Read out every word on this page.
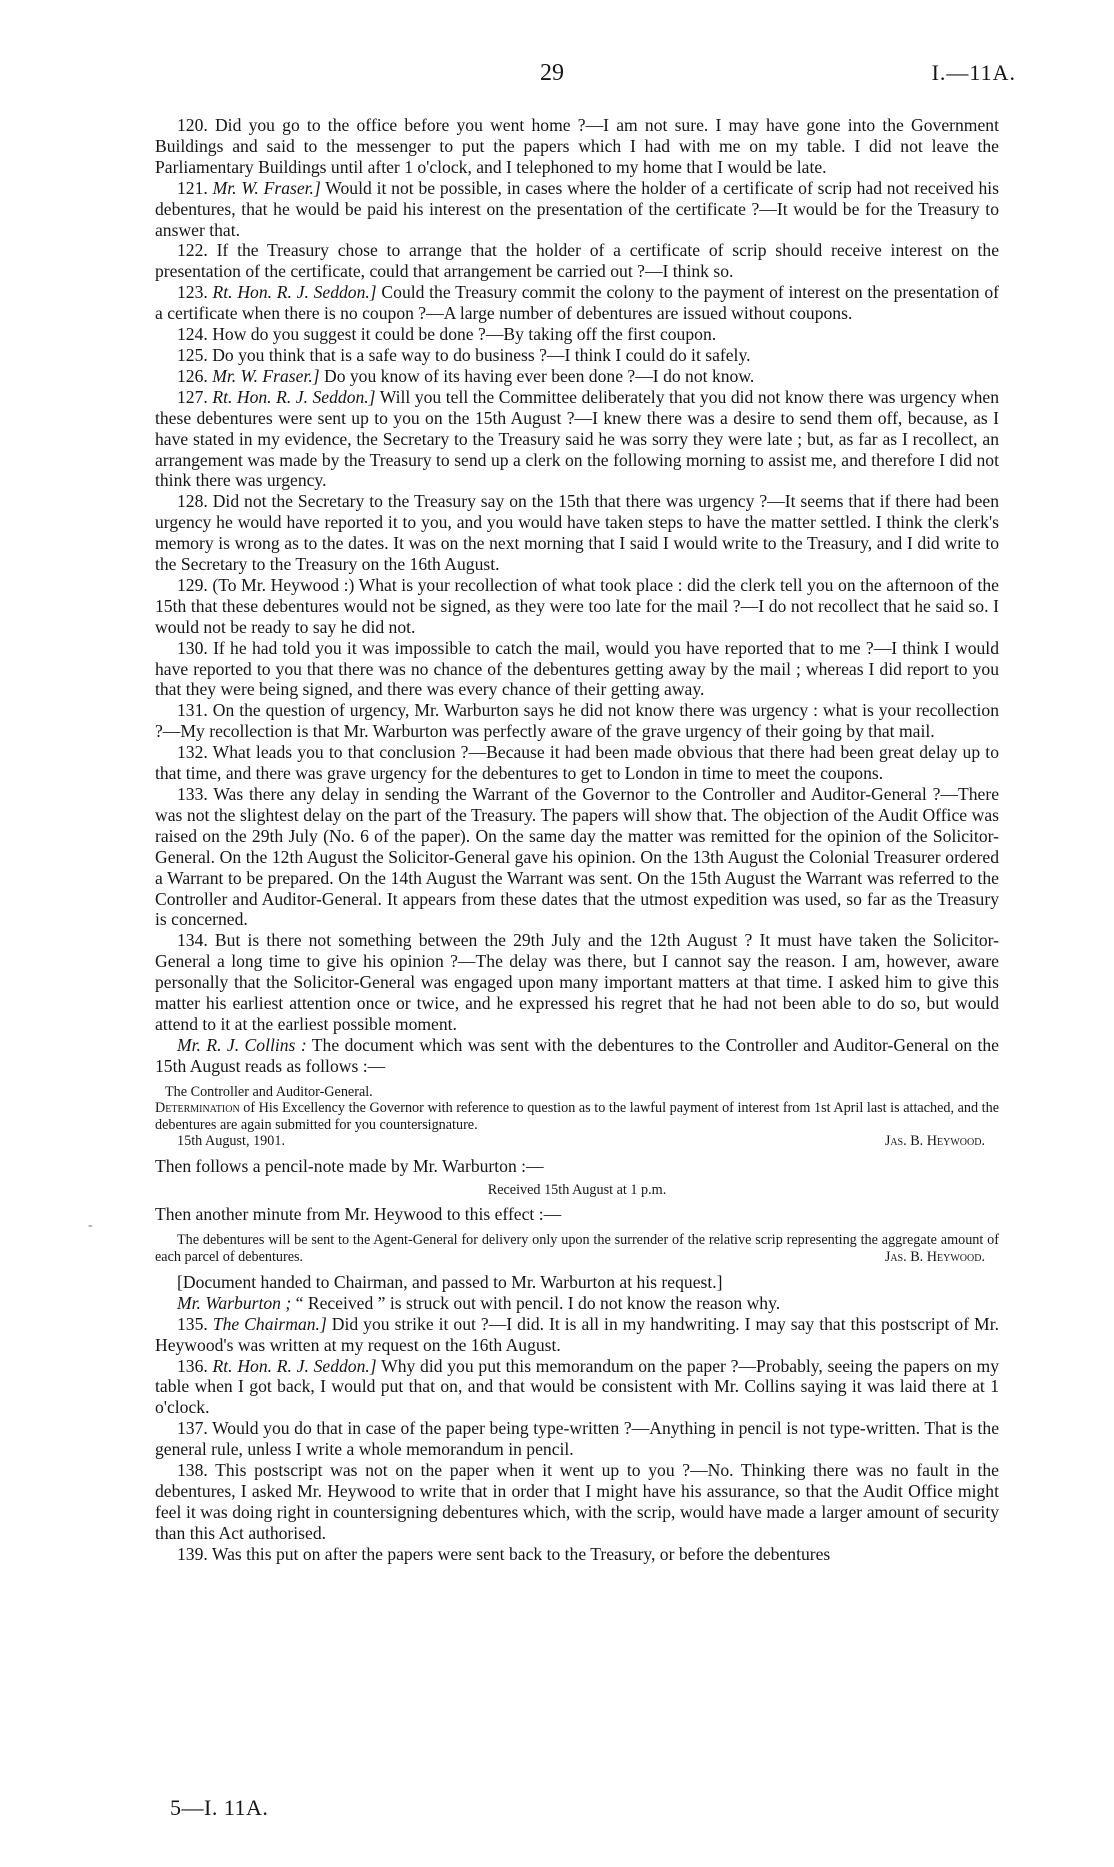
29	I.—11A.
-

120. Did you go to the office before you went home ?—I am not sure. I may have gone into the Government Buildings and said to the messenger to put the papers which I had with me on my table. I did not leave the Parliamentary Buildings until after 1 o'clock, and I telephoned to my home that I would be late.

121. Mr. W. Fraser.] Would it not be possible, in cases where the holder of a certificate of scrip had not received his debentures, that he would be paid his interest on the presentation of the certificate ?—It would be for the Treasury to answer that.

122. If the Treasury chose to arrange that the holder of a certificate of scrip should receive interest on the presentation of the certificate, could that arrangement be carried out ?—I think so.

123. Rt. Hon. R. J. Seddon.] Could the Treasury commit the colony to the payment of interest on the presentation of a certificate when there is no coupon ?—A large number of debentures are issued without coupons.

124. How do you suggest it could be done ?—By taking off the first coupon.

125. Do you think that is a safe way to do business ?—I think I could do it safely.

126. Mr. W. Fraser.] Do you know of its having ever been done ?—I do not know.

127. Rt. Hon. R. J. Seddon.] Will you tell the Committee deliberately that you did not know there was urgency when these debentures were sent up to you on the 15th August ?—I knew there was a desire to send them off, because, as I have stated in my evidence, the Secretary to the Treasury said he was sorry they were late ; but, as far as I recollect, an arrangement was made by the Treasury to send up a clerk on the following morning to assist me, and therefore I did not think there was urgency.

128. Did not the Secretary to the Treasury say on the 15th that there was urgency ?—It seems that if there had been urgency he would have reported it to you, and you would have taken steps to have the matter settled. I think the clerk's memory is wrong as to the dates. It was on the next morning that I said I would write to the Treasury, and I did write to the Secretary to the Treasury on the 16th August.

129. (To Mr. Heywood :) What is your recollection of what took place : did the clerk tell you on the afternoon of the 15th that these debentures would not be signed, as they were too late for the mail ?—I do not recollect that he said so. I would not be ready to say he did not.

130. If he had told you it was impossible to catch the mail, would you have reported that to me ?—I think I would have reported to you that there was no chance of the debentures getting away by the mail ; whereas I did report to you that they were being signed, and there was every chance of their getting away.

131. On the question of urgency, Mr. Warburton says he did not know there was urgency : what is your recollection ?—My recollection is that Mr. Warburton was perfectly aware of the grave urgency of their going by that mail.

132. What leads you to that conclusion ?—Because it had been made obvious that there had been great delay up to that time, and there was grave urgency for the debentures to get to London in time to meet the coupons.

133. Was there any delay in sending the Warrant of the Governor to the Controller and Auditor-General ?—There was not the slightest delay on the part of the Treasury. The papers will show that. The objection of the Audit Office was raised on the 29th July (No. 6 of the paper). On the same day the matter was remitted for the opinion of the Solicitor-General. On the 12th August the Solicitor-General gave his opinion. On the 13th August the Colonial Treasurer ordered a Warrant to be prepared. On the 14th August the Warrant was sent. On the 15th August the Warrant was referred to the Controller and Auditor-General. It appears from these dates that the utmost expedition was used, so far as the Treasury is concerned.

134. But is there not something between the 29th July and the 12th August ? It must have taken the Solicitor-General a long time to give his opinion ?—The delay was there, but I cannot say the reason. I am, however, aware personally that the Solicitor-General was engaged upon many important matters at that time. I asked him to give this matter his earliest attention once or twice, and he expressed his regret that he had not been able to do so, but would attend to it at the earliest possible moment.

Mr. R. J. Collins : The document which was sent with the debentures to the Controller and Auditor-General on the 15th August reads as follows :—

The Controller and Auditor-General.

Determination of His Excellency the Governor with reference to question as to the lawful payment of interest from 1st April last is attached, and the debentures are again submitted for you countersignature.

15th August, 1901.	Jas. B. Heywood.

Then follows a pencil-note made by Mr. Warburton :—

Received 15th August at 1 p.m.

Then another minute from Mr. Heywood to this effect :—

The debentures will be sent to the Agent-General for delivery only upon the surrender of the relative scrip representing the aggregate amount of each parcel of debentures.	Jas. B. Heywood.

[Document handed to Chairman, and passed to Mr. Warburton at his request.]

Mr. Warburton ; “ Received ” is struck out with pencil. I do not know the reason why.

135. The Chairman.] Did you strike it out ?—I did. It is all in my handwriting. I may say that this postscript of Mr. Heywood's was written at my request on the 16th August.

136. Rt. Hon. R. J. Seddon.] Why did you put this memorandum on the paper ?—Probably, seeing the papers on my table when I got back, I would put that on, and that would be consistent with Mr. Collins saying it was laid there at 1 o'clock.

137. Would you do that in case of the paper being type-written ?—Anything in pencil is not type-written. That is the general rule, unless I write a whole memorandum in pencil.

138. This postscript was not on the paper when it went up to you ?—No. Thinking there was no fault in the debentures, I asked Mr. Heywood to write that in order that I might have his assurance, so that the Audit Office might feel it was doing right in countersigning debentures which, with the scrip, would have made a larger amount of security than this Act authorised.

139. Was this put on after the papers were sent back to the Treasury, or before the debentures

5—I. 11A.
